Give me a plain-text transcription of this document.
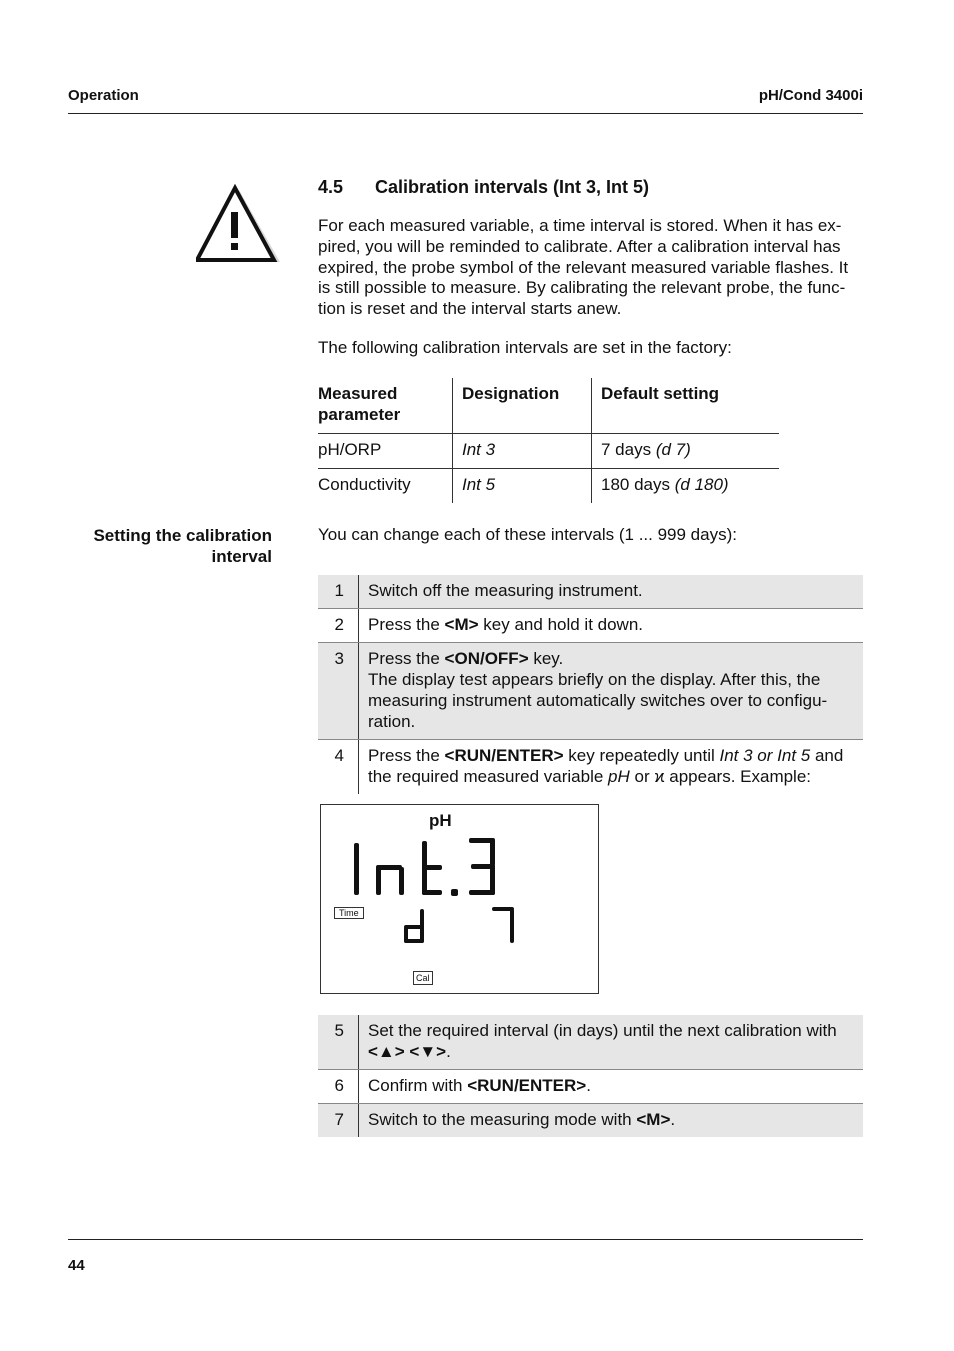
Operation	pH/Cond 3400i
4.5 Calibration intervals (Int 3, Int 5)
For each measured variable, a time interval is stored. When it has ex-
pired, you will be reminded to calibrate. After a calibration interval has
expired, the probe symbol of the relevant measured variable flashes. It
is still possible to measure. By calibrating the relevant probe, the func-
tion is reset and the interval starts anew.
The following calibration intervals are set in the factory:
Measured parameter	Designation	Default setting
pH/ORP	Int 3	7 days (d 7)
Conductivity	Int 5	180 days (d 180)
Setting the calibration
interval
You can change each of these intervals (1 ... 999 days):
1	Switch off the measuring instrument.
2	Press the <M> key and hold it down.
3	Press the <ON/OFF> key.
The display test appears briefly on the display. After this, the
measuring instrument automatically switches over to configu-
ration.

4	Press the <RUN/ENTER> key repeatedly until Int 3 or Int 5 and
the required measured variable pH or ϰ appears. Example:
pH
Time
Cal
5	Set the required interval (in days) until the next calibration with
<▲> <▼>.

6	Confirm with <RUN/ENTER>.
7	Switch to the measuring mode with <M>.
44
